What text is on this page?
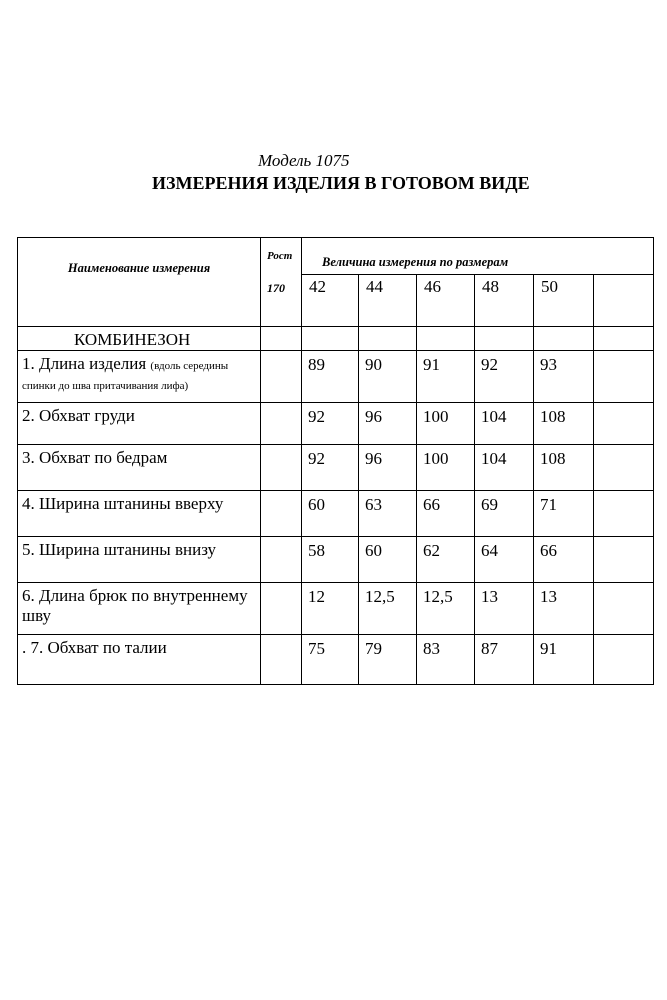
Модель 1075
ИЗМЕРЕНИЯ ИЗДЕЛИЯ В ГОТОВОМ ВИДЕ
Наименование измерения	Рост
170	Величина измерения по размерам					
		42	44	46	48	50	
КОМБИНЕЗОН							
1. Длина изделия (вдоль середины спинки до шва притачивания лифа)		89	90	91	92	93	
2. Обхват груди		92	96	100	104	108	
3. Обхват по бедрам		92	96	100	104	108	
4. Ширина штанины вверху		60	63	66	69	71	
5. Ширина штанины внизу		58	60	62	64	66	
6. Длина брюк по внутреннему шву		12	12,5	12,5	13	13	
. 7. Обхват по талии		75	79	83	87	91	
